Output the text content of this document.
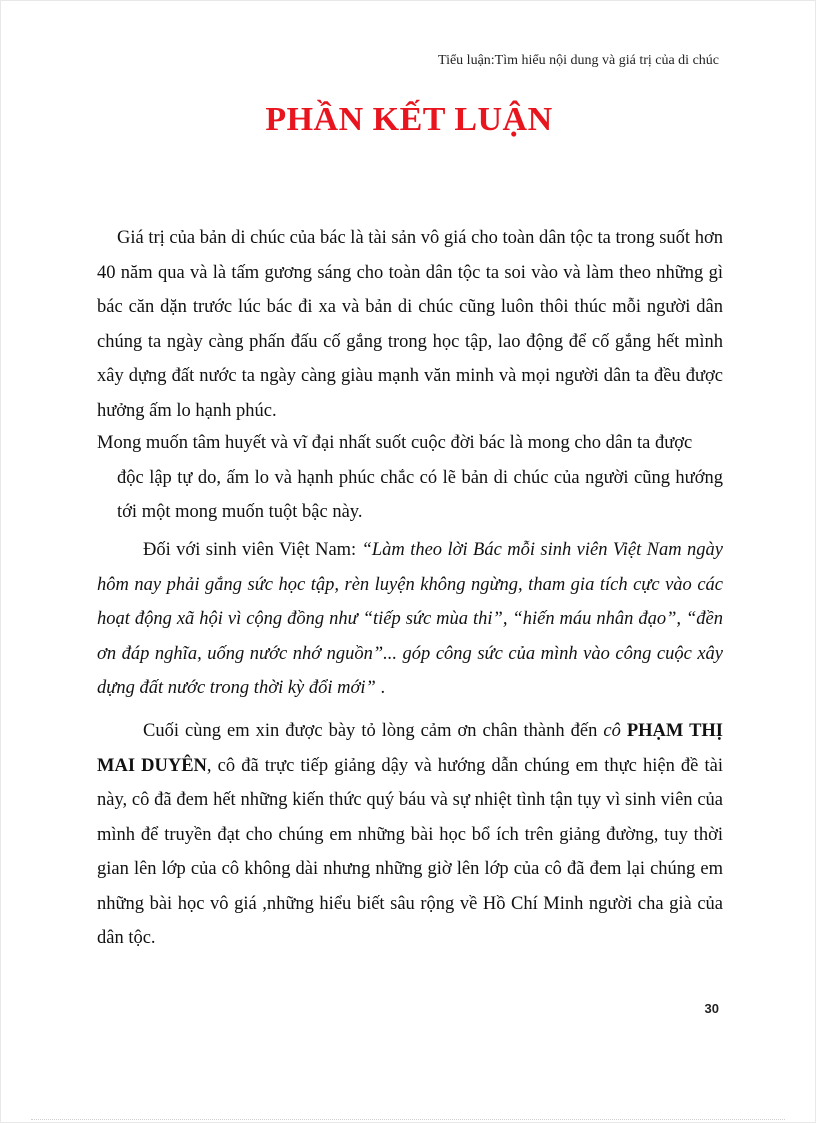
Tiểu luận:Tìm hiểu nội dung và giá trị của di chúc
PHẦN KẾT LUẬN
Giá trị của bản di chúc của bác là tài sản vô giá cho toàn dân tộc ta trong suốt hơn 40 năm qua và là tấm gương sáng cho toàn dân tộc ta soi vào và làm theo những gì bác căn dặn trước lúc bác đi xa và bản di chúc cũng luôn thôi thúc mỗi người dân chúng ta ngày càng phấn đấu cố gắng trong học tập, lao động để cố gắng hết mình xây dựng đất nước ta ngày càng giàu mạnh văn minh và mọi người dân ta đều được hưởng ấm lo hạnh phúc.
Mong muốn tâm huyết và vĩ đại nhất suốt cuộc đời bác là mong cho dân ta được
độc lập tự do, ấm lo và hạnh phúc chắc có lẽ bản di chúc của người cũng hướng tới một mong muốn tuột bậc này.
Đối với sinh viên Việt Nam: “Làm theo lời Bác mỗi sinh viên Việt Nam ngày hôm nay phải gắng sức học tập, rèn luyện không ngừng, tham gia tích cực vào các hoạt động xã hội vì cộng đồng như “tiếp sức mùa thi”, “hiến máu nhân đạo”, “đền ơn đáp nghĩa, uống nước nhớ nguồn”... góp công sức của mình vào công cuộc xây dựng đất nước trong thời kỳ đổi mới” .
Cuối cùng em xin được bày tỏ lòng cảm ơn chân thành đến cô PHẠM THỊ MAI DUYÊN, cô đã trực tiếp giảng dậy và hướng dẫn chúng em thực hiện đề tài này, cô đã đem hết những kiến thức quý báu và sự nhiệt tình tận tụy vì sinh viên của mình để truyền đạt cho chúng em những bài học bổ ích trên giảng đường, tuy thời gian lên lớp của cô không dài nhưng những giờ lên lớp của cô đã đem lại chúng em những bài học vô giá ,những hiểu biết sâu rộng về Hồ Chí Minh người cha già của dân tộc.
30
